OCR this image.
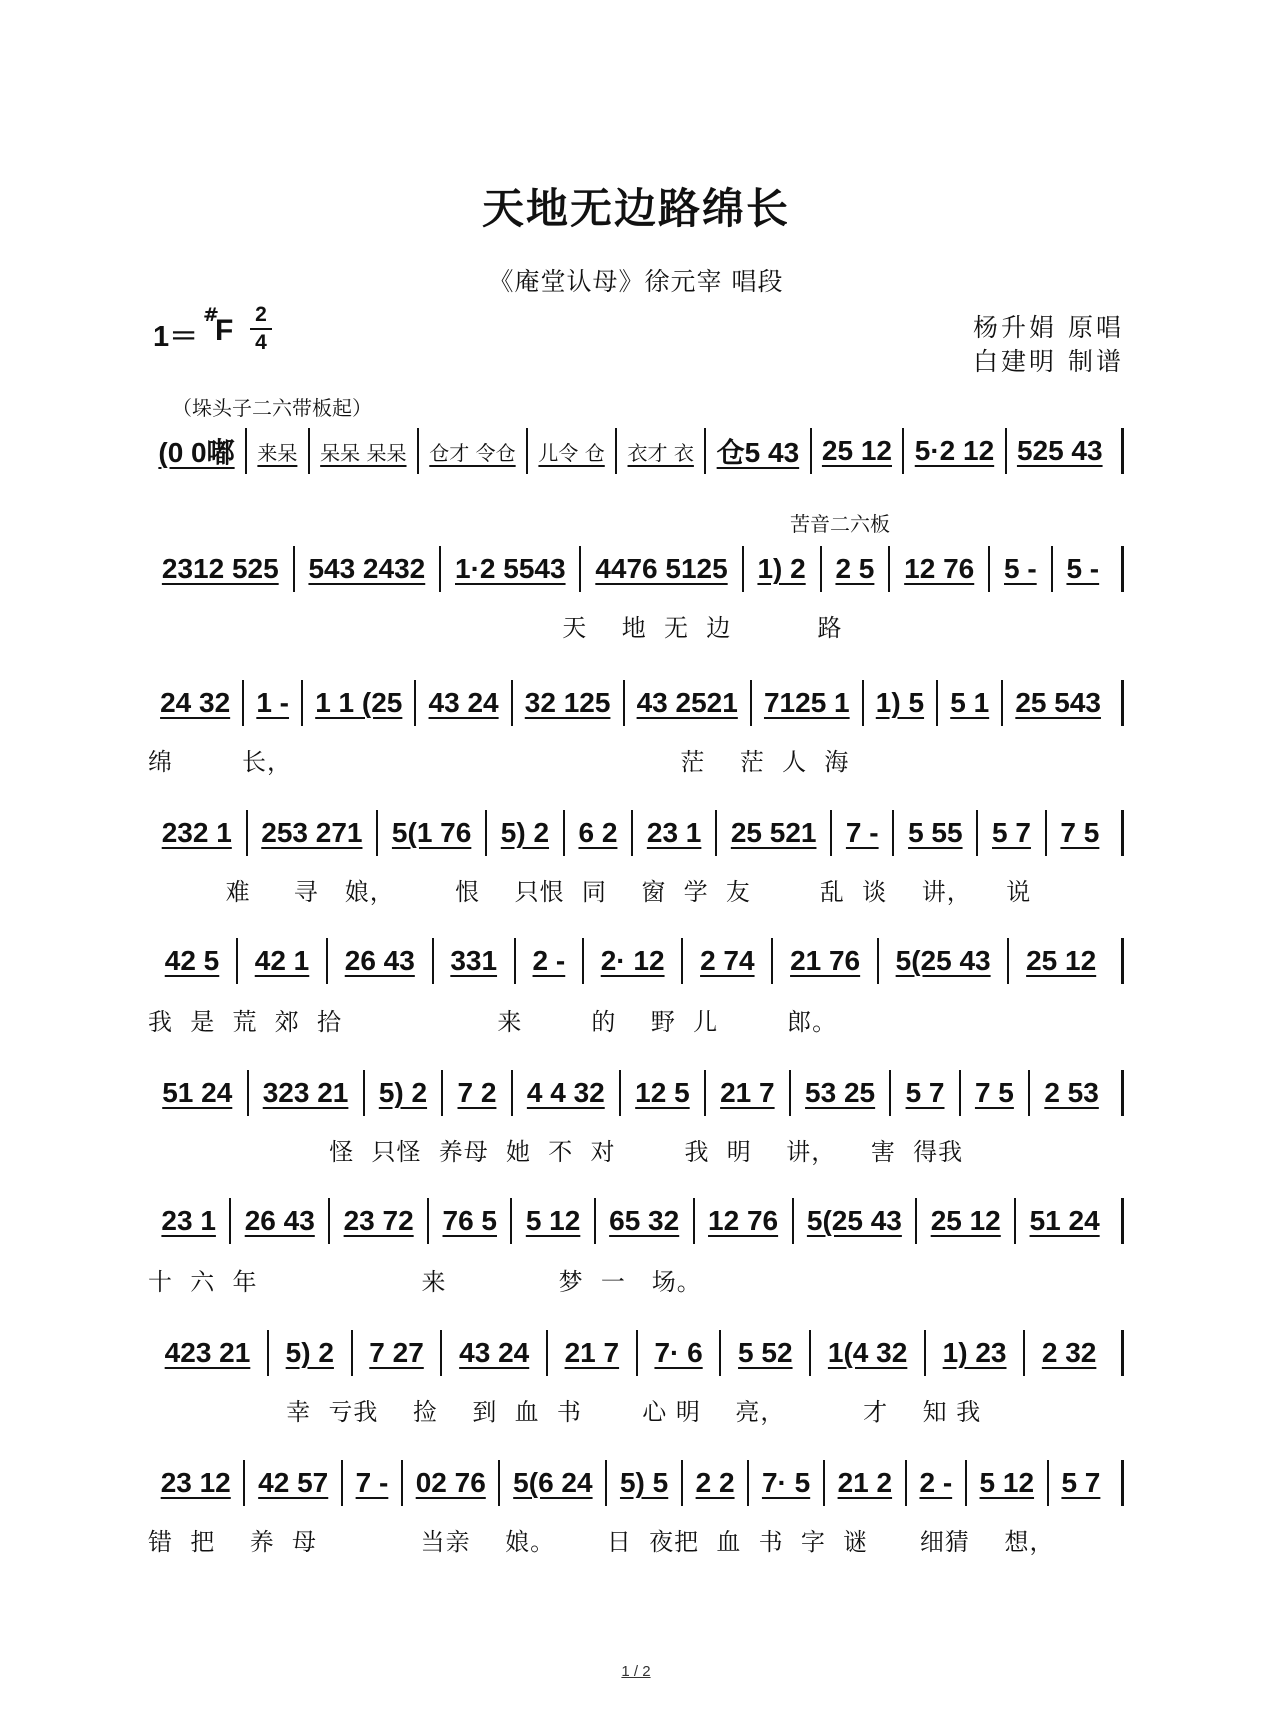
天地无边路绵长
《庵堂认母》徐元宰 唱段
1＝
#
F 2
4
杨升娟 原唱
白建明 制谱
（垛头子二六带板起）
苦音二六板
(0 0嘟 来呆 呆呆 呆呆 仓才 令仓 儿令 仓 衣才 衣 仓5 43 25 12 5·2 12 525 43
2312 525 543 2432 1·2 5543 4476 5125 1) 2 2 5 12 76 5 - 5 -
天    地  无  边          路
24 32 1 - 1 1 (25 43 24 32 125 43 2521 7125 1 1) 5 5 1 25 543
绵        长，                                             茫    茫  人  海
232 1 253 271 5(1 76 5) 2 6 2 23 1 25 521 7 - 5 55 5 7 7 5
难     寻   娘，       恨    只恨  同    窗  学  友        乱  谈    讲，    说
42 5 42 1 26 43 331 2 - 2· 12 2 74 21 76 5(25 43 25 12
我  是  荒  郊  拾                  来        的    野  儿        郎。
51 24 323 21 5) 2 7 2 4 4 32 12 5 21 7 53 25 5 7 7 5 2 53
怪  只怪  养母  她  不  对        我  明    讲，    害  得我
23 1 26 43 23 72 76 5 5 12 65 32 12 76 5(25 43 25 12 51 24
十  六  年                   来             梦  一   场。
423 21 5) 2 7 27 43 24 21 7 7· 6 5 52 1(4 32 1) 23 2 32
幸  亏我    捡    到  血  书       心 明    亮，         才    知 我
23 12 42 57 7 - 02 76 5(6 24 5) 5 2 2 7· 5 21 2 2 - 5 12 5 7
错  把    养  母            当亲    娘。      日  夜把  血  书  字  谜      细猜    想，
1 / 2
